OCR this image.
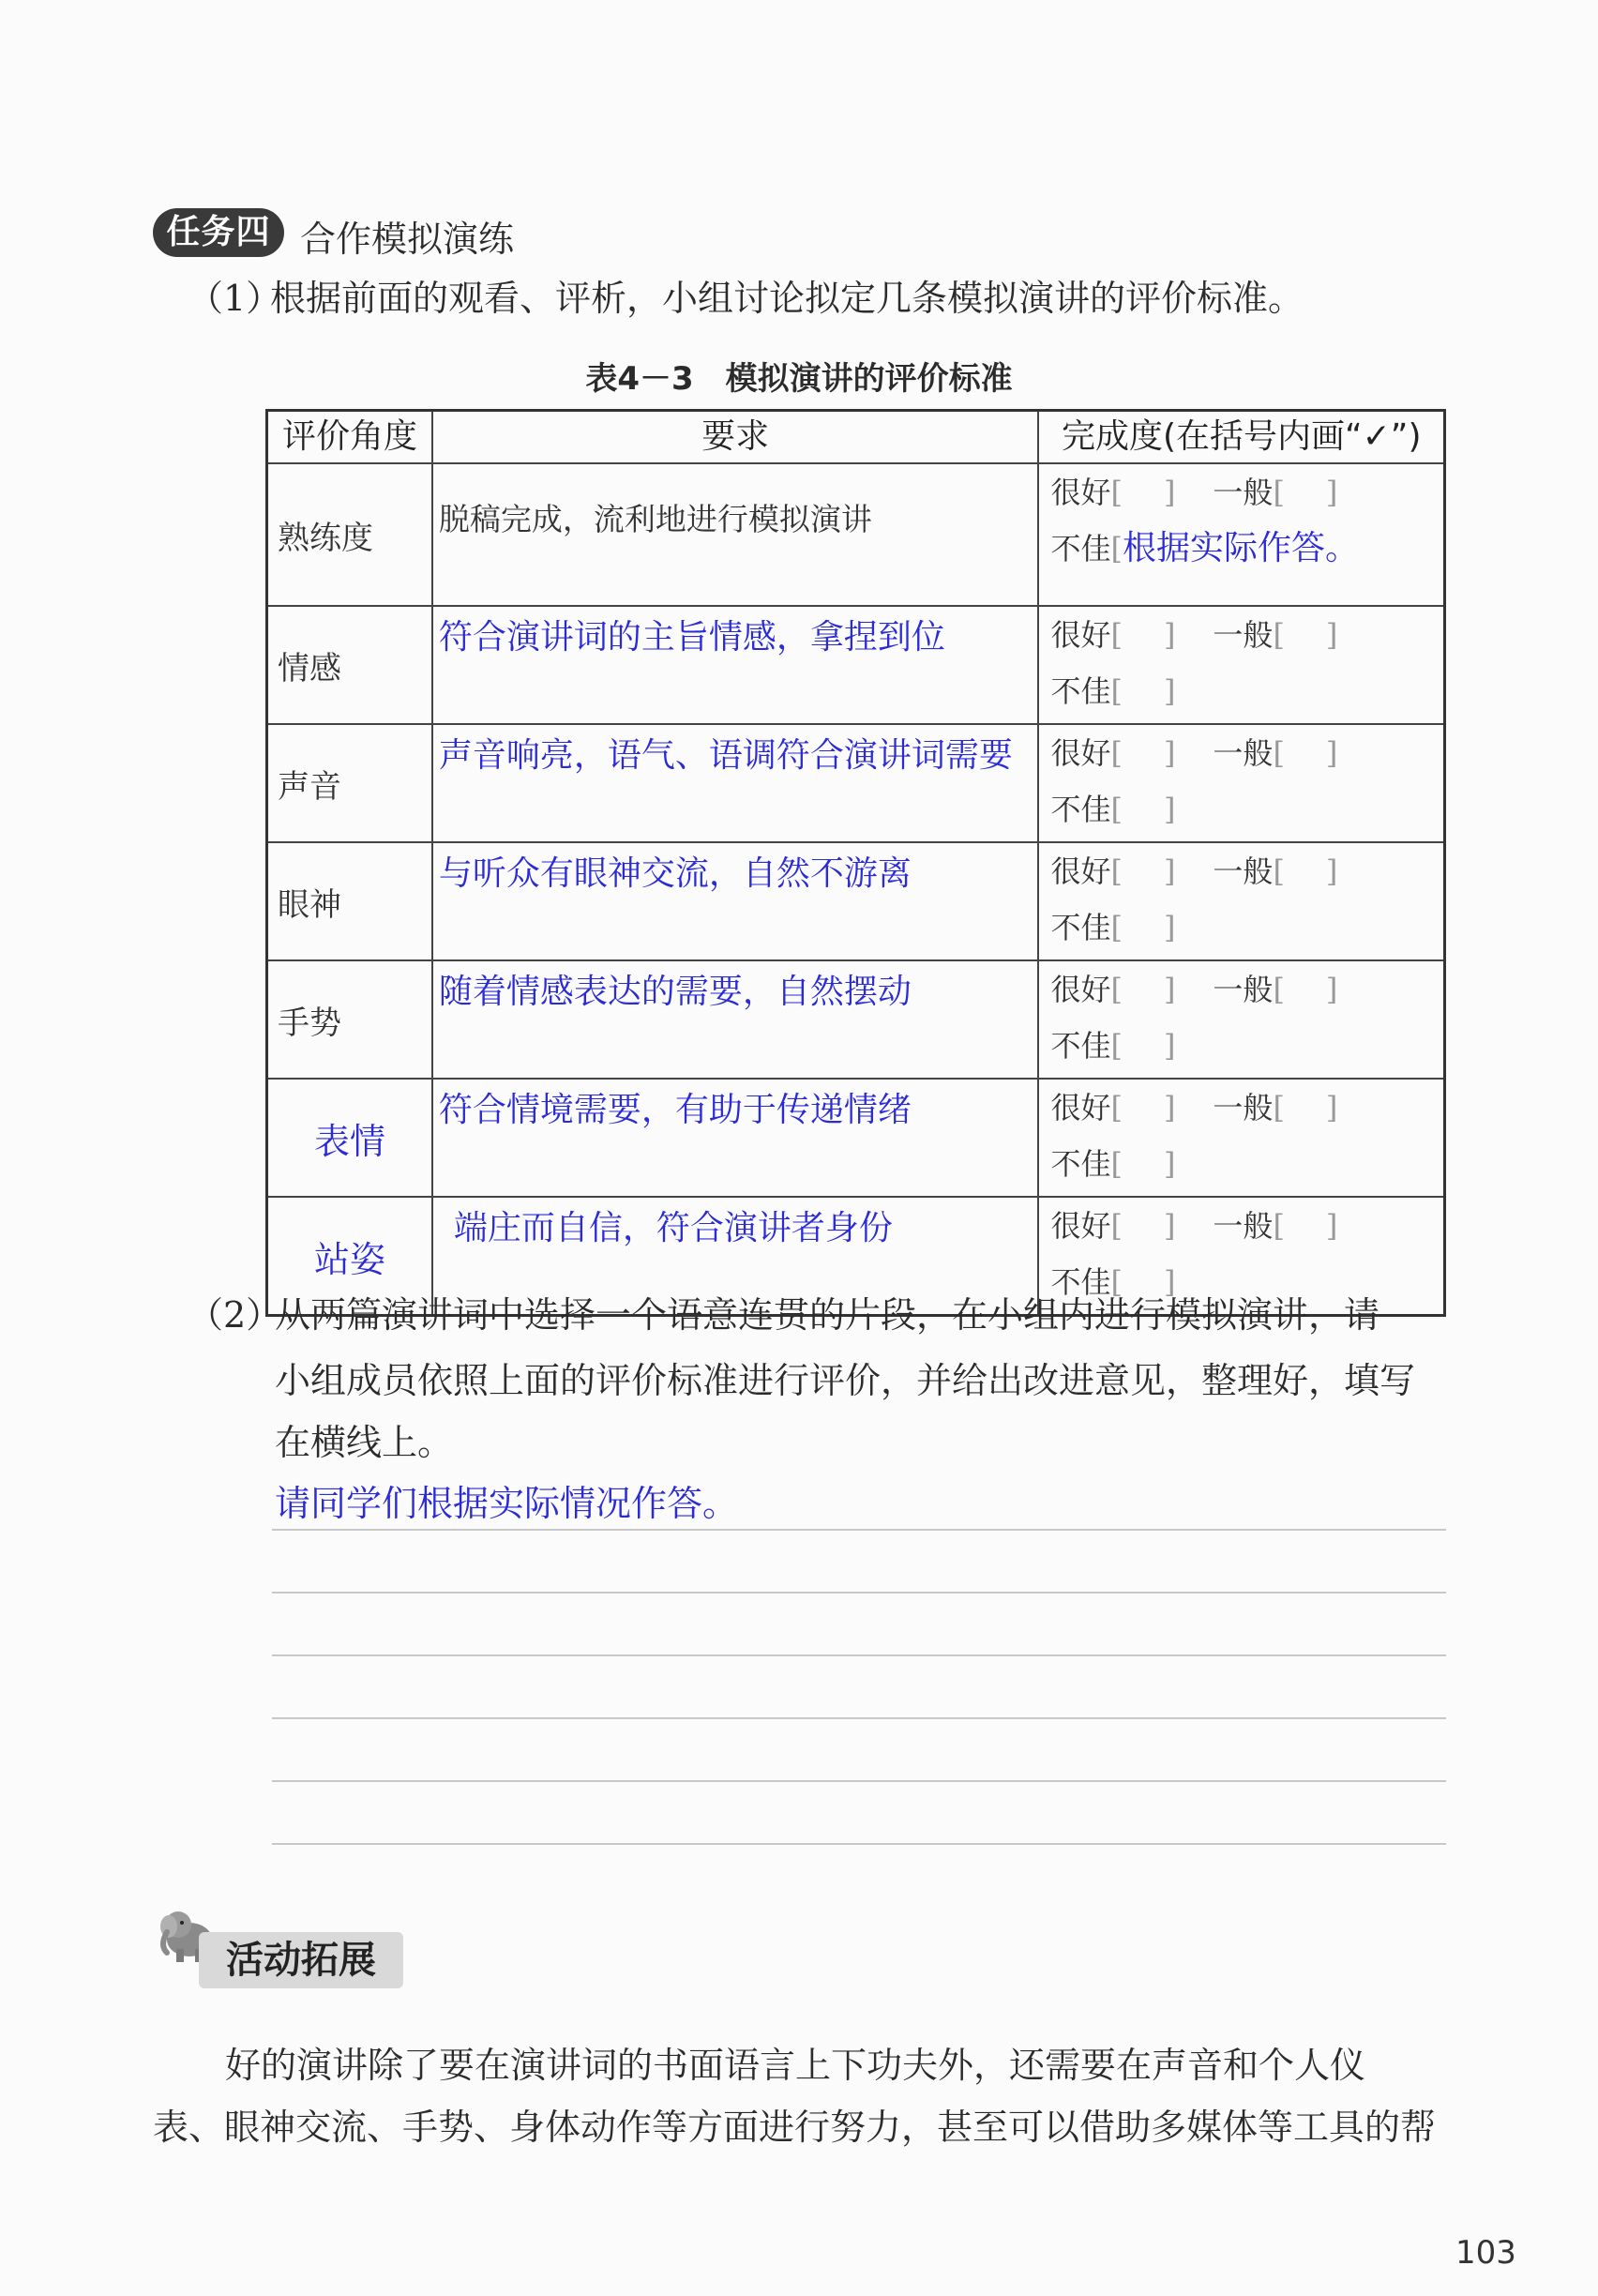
任务四 合作模拟演练
（1）
根据前面的观看、评析，小组讨论拟定几条模拟演讲的评价标准。
表4－3　模拟演讲的评价标准
评价角度	要求	完成度(在括号内画“✓”)
熟练度	脱稿完成，流利地进行模拟演讲	很好[ ] 一般[ ]
不佳[根据实际作答。

情感	符合演讲词的主旨情感，拿捏到位	很好[ ] 一般[ ]
不佳[ ]

声音	声音响亮，语气、语调符合演讲词需要	很好[ ] 一般[ ]
不佳[ ]

眼神	与听众有眼神交流，自然不游离	很好[ ] 一般[ ]
不佳[ ]

手势	随着情感表达的需要，自然摆动	很好[ ] 一般[ ]
不佳[ ]

表情	符合情境需要，有助于传递情绪	很好[ ] 一般[ ]
不佳[ ]

站姿	端庄而自信，符合演讲者身份	很好[ ] 一般[ ]
不佳[ ]
（2）
从两篇演讲词中选择一个语意连贯的片段，在小组内进行模拟演讲，请
小组成员依照上面的评价标准进行评价，并给出改进意见，整理好，填写
在横线上。
请同学们根据实际情况作答。
活动拓展
好的演讲除了要在演讲词的书面语言上下功夫外，还需要在声音和个人仪
表、眼神交流、手势、身体动作等方面进行努力，甚至可以借助多媒体等工具的帮
103
